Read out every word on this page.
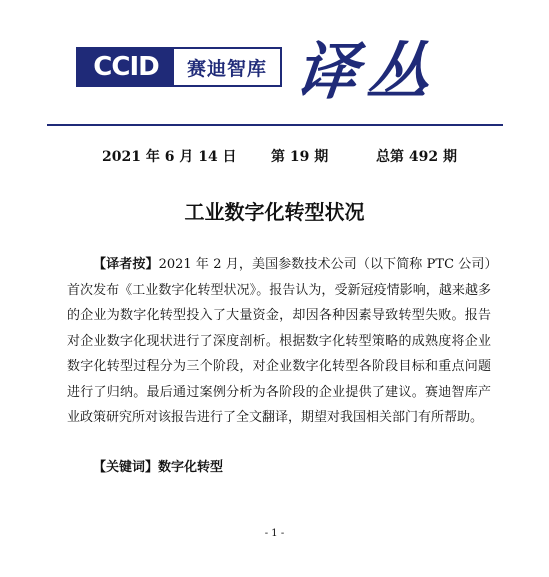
CCID	赛迪智库 译丛
2021 年 6 月 14 日 第 19 期	总第 492 期
工业数字化转型状况
【译者按】2021 年 2 月，美国参数技术公司（以下简称 PTC 公司）首次发布《工业数字化转型状况》。报告认为，受新冠疫情影响，越来越多的企业为数字化转型投入了大量资金，却因各种因素导致转型失败。报告对企业数字化现状进行了深度剖析。根据数字化转型策略的成熟度将企业数字化转型过程分为三个阶段，对企业数字化转型各阶段目标和重点问题进行了归纳。最后通过案例分析为各阶段的企业提供了建议。赛迪智库产业政策研究所对该报告进行了全文翻译，期望对我国相关部门有所帮助。
【关键词】数字化转型
- 1 -
